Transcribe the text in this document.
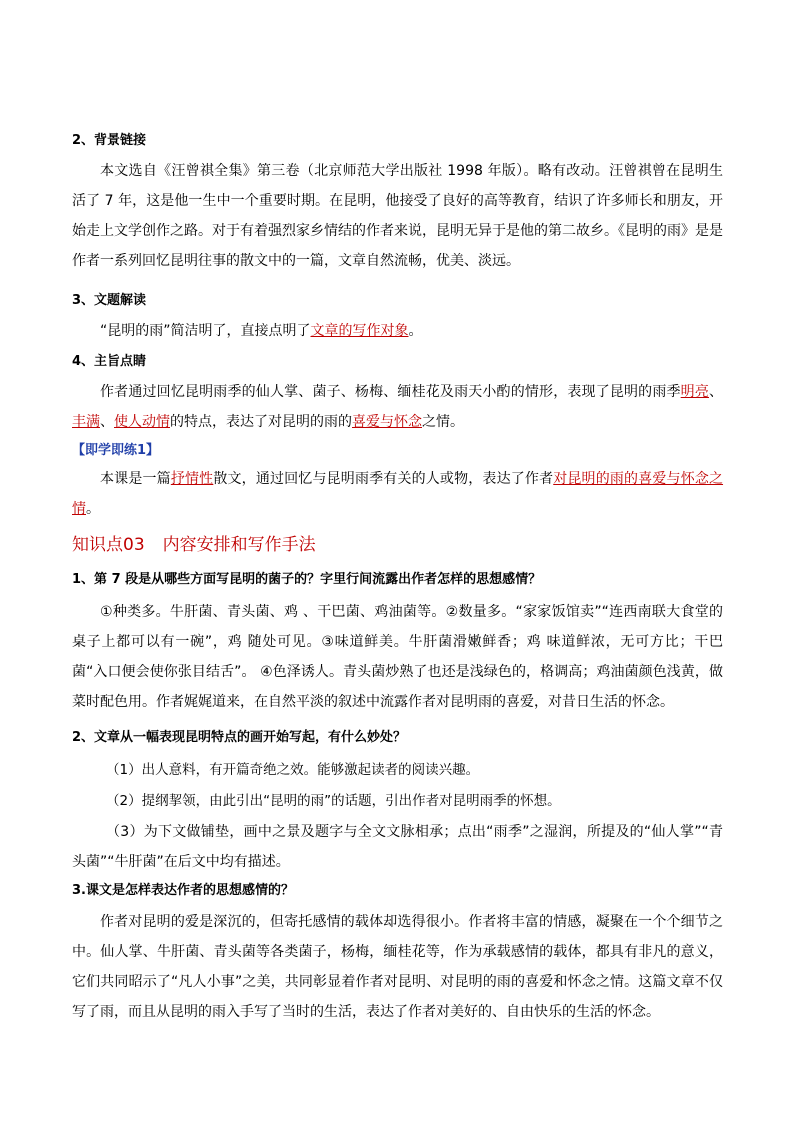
2、背景链接
本文选自《汪曾祺全集》第三卷（北京师范大学出版社 1998 年版）。略有改动。汪曾祺曾在昆明生活了 7 年，这是他一生中一个重要时期。在昆明，他接受了良好的高等教育，结识了许多师长和朋友，开始走上文学创作之路。对于有着强烈家乡情结的作者来说，昆明无异于是他的第二故乡。《昆明的雨》是是作者一系列回忆昆明往事的散文中的一篇，文章自然流畅，优美、淡远。
3、文题解读
“昆明的雨”简洁明了，直接点明了文章的写作对象。
4、主旨点睛
作者通过回忆昆明雨季的仙人掌、菌子、杨梅、缅桂花及雨天小酌的情形，表现了昆明的雨季明亮、丰满、使人动情的特点，表达了对昆明的雨的喜爱与怀念之情。
【即学即练1】
本课是一篇抒情性散文，通过回忆与昆明雨季有关的人或物，表达了作者对昆明的雨的喜爱与怀念之情。
知识点03 内容安排和写作手法
1、第 7 段是从哪些方面写昆明的菌子的？字里行间流露出作者怎样的思想感情？
①种类多。牛肝菌、青头菌、鸡 、干巴菌、鸡油菌等。②数量多。“家家饭馆卖”“连西南联大食堂的桌子上都可以有一碗”，鸡 随处可见。③味道鲜美。牛肝菌滑嫩鲜香；鸡 味道鲜浓，无可方比；干巴菌“入口便会使你张目结舌”。 ④色泽诱人。青头菌炒熟了也还是浅绿色的，格调高；鸡油菌颜色浅黄，做菜时配色用。作者娓娓道来，在自然平淡的叙述中流露作者对昆明雨的喜爱，对昔日生活的怀念。
2、文章从一幅表现昆明特点的画开始写起，有什么妙处？
（1）出人意料，有开篇奇绝之效。能够激起读者的阅读兴趣。
（2）提纲挈领，由此引出“昆明的雨”的话题，引出作者对昆明雨季的怀想。
（3）为下文做铺垫，画中之景及题字与全文文脉相承；点出“雨季”之湿润，所提及的“仙人掌”“青头菌”“牛肝菌”在后文中均有描述。
3.课文是怎样表达作者的思想感情的？
作者对昆明的爱是深沉的，但寄托感情的载体却选得很小。作者将丰富的情感，凝聚在一个个细节之中。仙人掌、牛肝菌、青头菌等各类菌子，杨梅，缅桂花等，作为承载感情的载体，都具有非凡的意义，它们共同昭示了“凡人小事”之美，共同彰显着作者对昆明、对昆明的雨的喜爱和怀念之情。这篇文章不仅写了雨，而且从昆明的雨入手写了当时的生活，表达了作者对美好的、自由快乐的生活的怀念。
